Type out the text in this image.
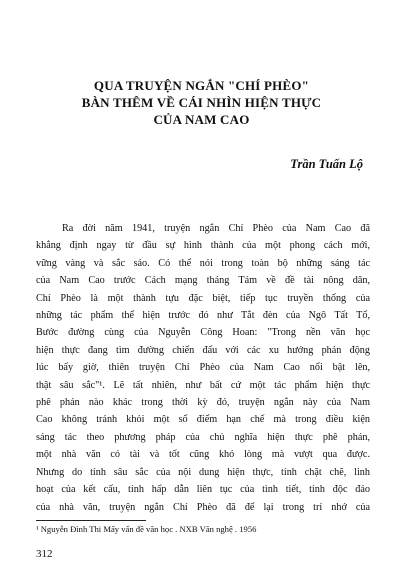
QUA TRUYỆN NGẮN "CHÍ PHÈO"
BÀN THÊM VỀ CÁI NHÌN HIỆN THỰC
CỦA NAM CAO
Trần Tuấn Lộ
Ra đời năm 1941, truyện ngắn Chí Phèo của Nam Cao đã
khẳng định ngay từ đầu sự hình thành của một phong cách mới,
vững vàng và sắc sảo. Có thể nói trong toàn bộ những sáng tác
của Nam Cao trước Cách mạng tháng Tám về đề tài nông dân,
Chí Phèo là một thành tựu đặc biệt, tiếp tục truyền thống của
những tác phẩm thể hiện trước đó như Tắt đèn của Ngô Tất Tố,
Bước đường cùng của Nguyễn Công Hoan: "Trong nền văn học
hiện thực đang tìm đường chiến đấu với các xu hướng phản động
lúc bấy giờ, thiên truyện Chí Phèo của Nam Cao nổi bật lên,
thật sâu sắc"¹. Lẽ tất nhiên, như bất cứ một tác phẩm hiện thực
phê phán nào khác trong thời kỳ đó, truyện ngắn này của Nam
Cao không tránh khỏi một số điểm hạn chế mà trong điều kiện
sáng tác theo phương pháp của chủ nghĩa hiện thực phê phán,
một nhà văn có tài và tốt cũng khó lòng mà vượt qua được.
Nhưng do tính sâu sắc của nội dung hiện thực, tính chặt chẽ, linh
hoạt của kết cấu, tính hấp dẫn liên tục của tình tiết, tính độc đáo
của nhà văn, truyện ngắn Chí Phèo đã để lại trong trí nhớ của
¹ Nguyễn Đình Thi Mấy vấn đề văn học . NXB Văn nghệ . 1956
312
